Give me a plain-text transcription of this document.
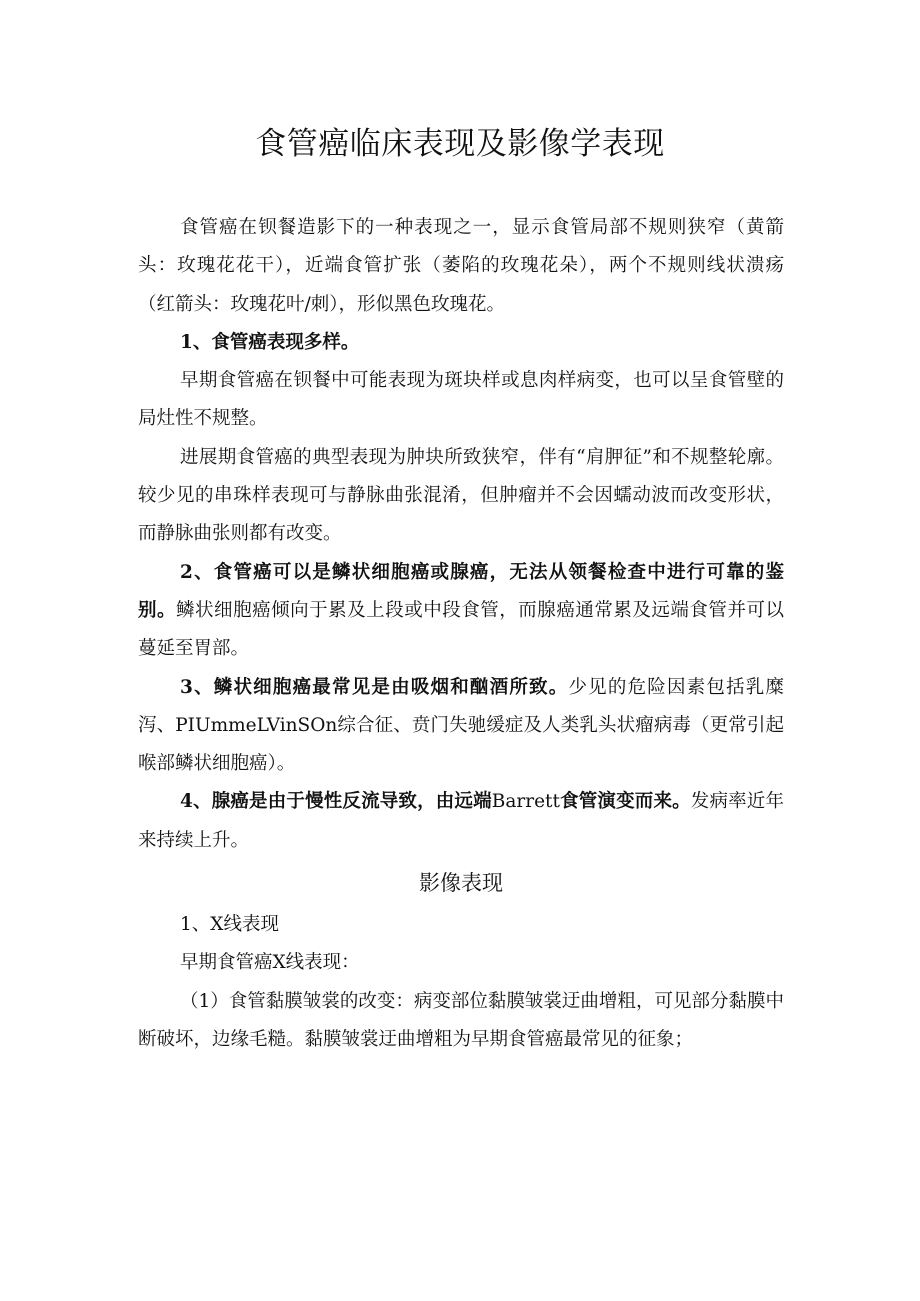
食管癌临床表现及影像学表现

食管癌在钡餐造影下的一种表现之一，显示食管局部不规则狭窄（黄箭头：玫瑰花花干），近端食管扩张（萎陷的玫瑰花朵），两个不规则线状溃疡（红箭头：玫瑰花叶/刺），形似黑色玫瑰花。

1、食管癌表现多样。

早期食管癌在钡餐中可能表现为斑块样或息肉样病变，也可以呈食管壁的局灶性不规整。

进展期食管癌的典型表现为肿块所致狭窄，伴有“肩胛征”和不规整轮廓。较少见的串珠样表现可与静脉曲张混淆，但肿瘤并不会因蠕动波而改变形状，而静脉曲张则都有改变。

2、食管癌可以是鳞状细胞癌或腺癌，无法从领餐检查中进行可靠的鉴别。鳞状细胞癌倾向于累及上段或中段食管，而腺癌通常累及远端食管并可以蔓延至胃部。

3、鳞状细胞癌最常见是由吸烟和酗酒所致。少见的危险因素包括乳糜泻、PIUmmeLVinSOn综合征、贲门失驰缓症及人类乳头状瘤病毒（更常引起喉部鳞状细胞癌）。

4、腺癌是由于慢性反流导致，由远端Barrett食管演变而来。发病率近年来持续上升。

影像表现

1、X线表现

早期食管癌X线表现：

（1）食管黏膜皱裳的改变：病变部位黏膜皱裳迂曲增粗，可见部分黏膜中断破坏，边缘毛糙。黏膜皱裳迂曲增粗为早期食管癌最常见的征象；
